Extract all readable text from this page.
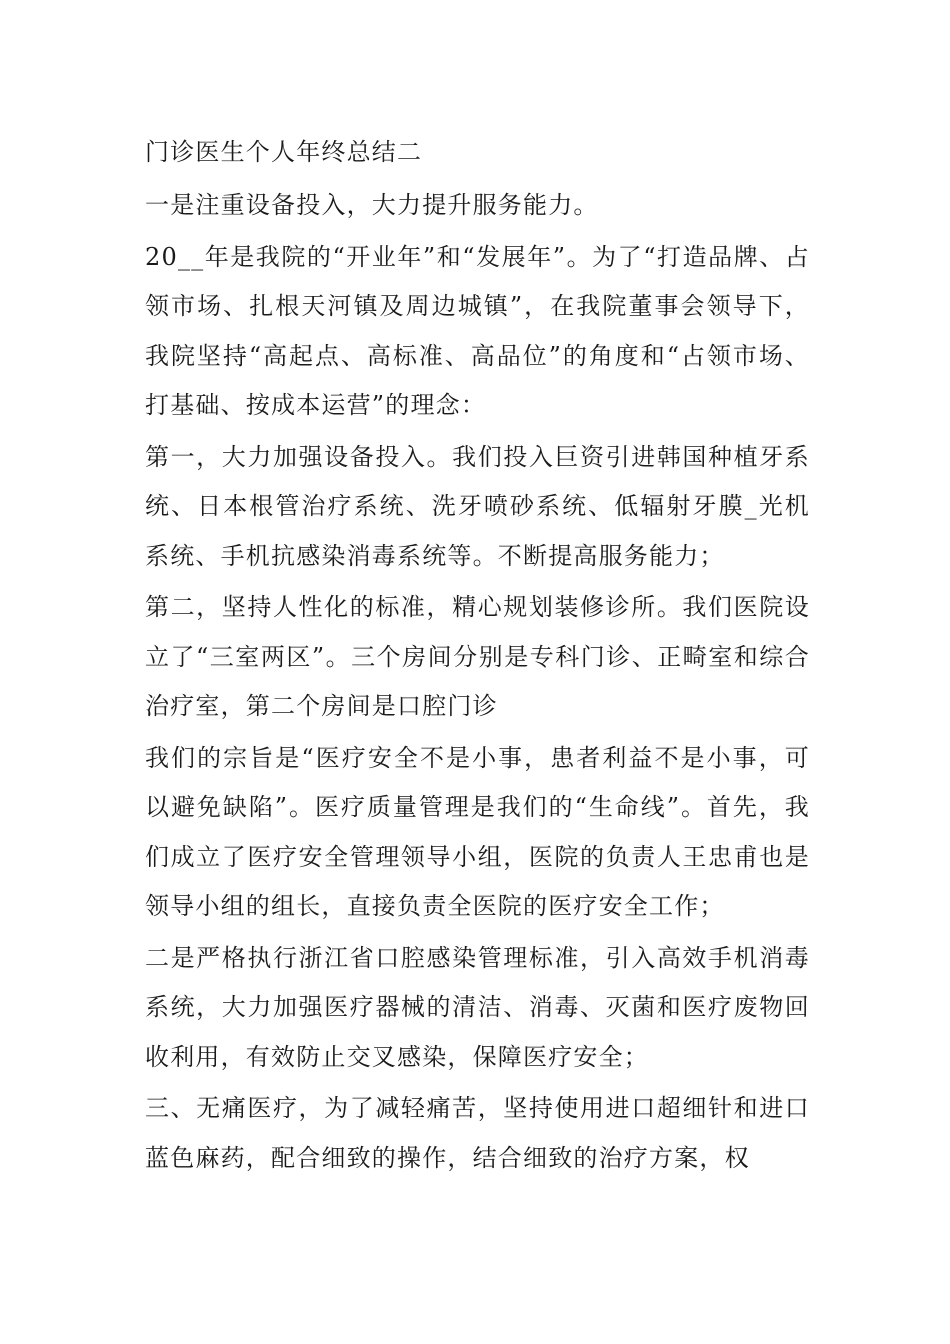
门诊医生个人年终总结二

一是注重设备投入，大力提升服务能力。

20__年是我院的“开业年”和“发展年”。为了“打造品牌、占领市场、扎根天河镇及周边城镇”，在我院董事会领导下，我院坚持“高起点、高标准、高品位”的角度和“占领市场、打基础、按成本运营”的理念：

第一，大力加强设备投入。我们投入巨资引进韩国种植牙系统、日本根管治疗系统、洗牙喷砂系统、低辐射牙膜_光机系统、手机抗感染消毒系统等。不断提高服务能力；

第二，坚持人性化的标准，精心规划装修诊所。我们医院设立了“三室两区”。三个房间分别是专科门诊、正畸室和综合治疗室，第二个房间是口腔门诊

我们的宗旨是“医疗安全不是小事，患者利益不是小事，可以避免缺陷”。医疗质量管理是我们的“生命线”。首先，我们成立了医疗安全管理领导小组，医院的负责人王忠甫也是领导小组的组长，直接负责全医院的医疗安全工作；

二是严格执行浙江省口腔感染管理标准，引入高效手机消毒系统，大力加强医疗器械的清洁、消毒、灭菌和医疗废物回收利用，有效防止交叉感染，保障医疗安全；

三、无痛医疗，为了减轻痛苦，坚持使用进口超细针和进口蓝色麻药，配合细致的操作，结合细致的治疗方案，权
